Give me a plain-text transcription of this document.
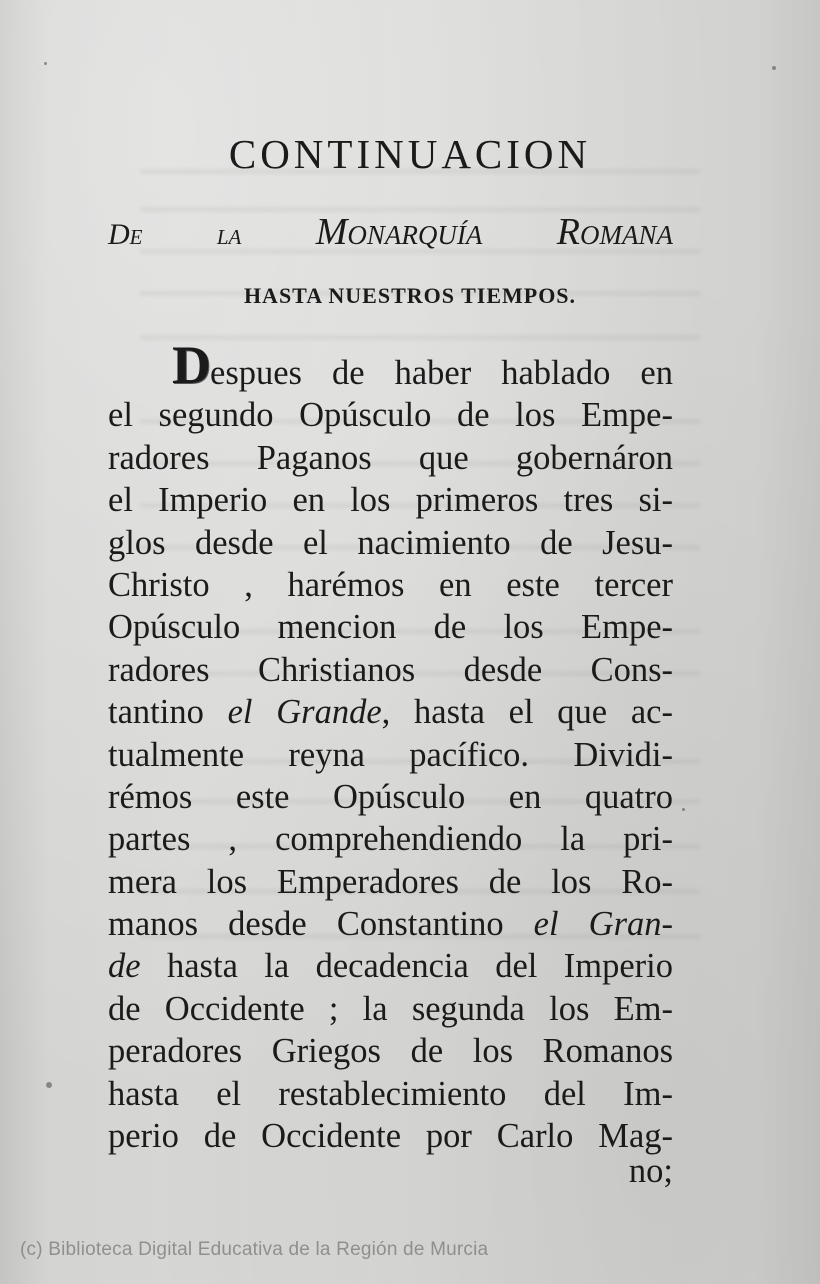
CONTINUACION
De la Monarquía Romana
HASTA NUESTROS TIEMPOS.
D espues de haber hablado en
el segundo Opúsculo de los Empe-
radores Paganos que gobernáron
el Imperio en los primeros tres si-
glos desde el nacimiento de Jesu-
Christo , harémos en este tercer
Opúsculo mencion de los Empe-
radores Christianos desde Cons-
tantino el Grande, hasta el que ac-
tualmente reyna pacífico. Dividi-
rémos este Opúsculo en quatro
partes , comprehendiendo la pri-
mera los Emperadores de los Ro-
manos desde Constantino el Gran-
de hasta la decadencia del Imperio
de Occidente ; la segunda los Em-
peradores Griegos de los Romanos
hasta el restablecimiento del Im-
perio de Occidente por Carlo Mag-
no;
(c) Biblioteca Digital Educativa de la Región de Murcia
